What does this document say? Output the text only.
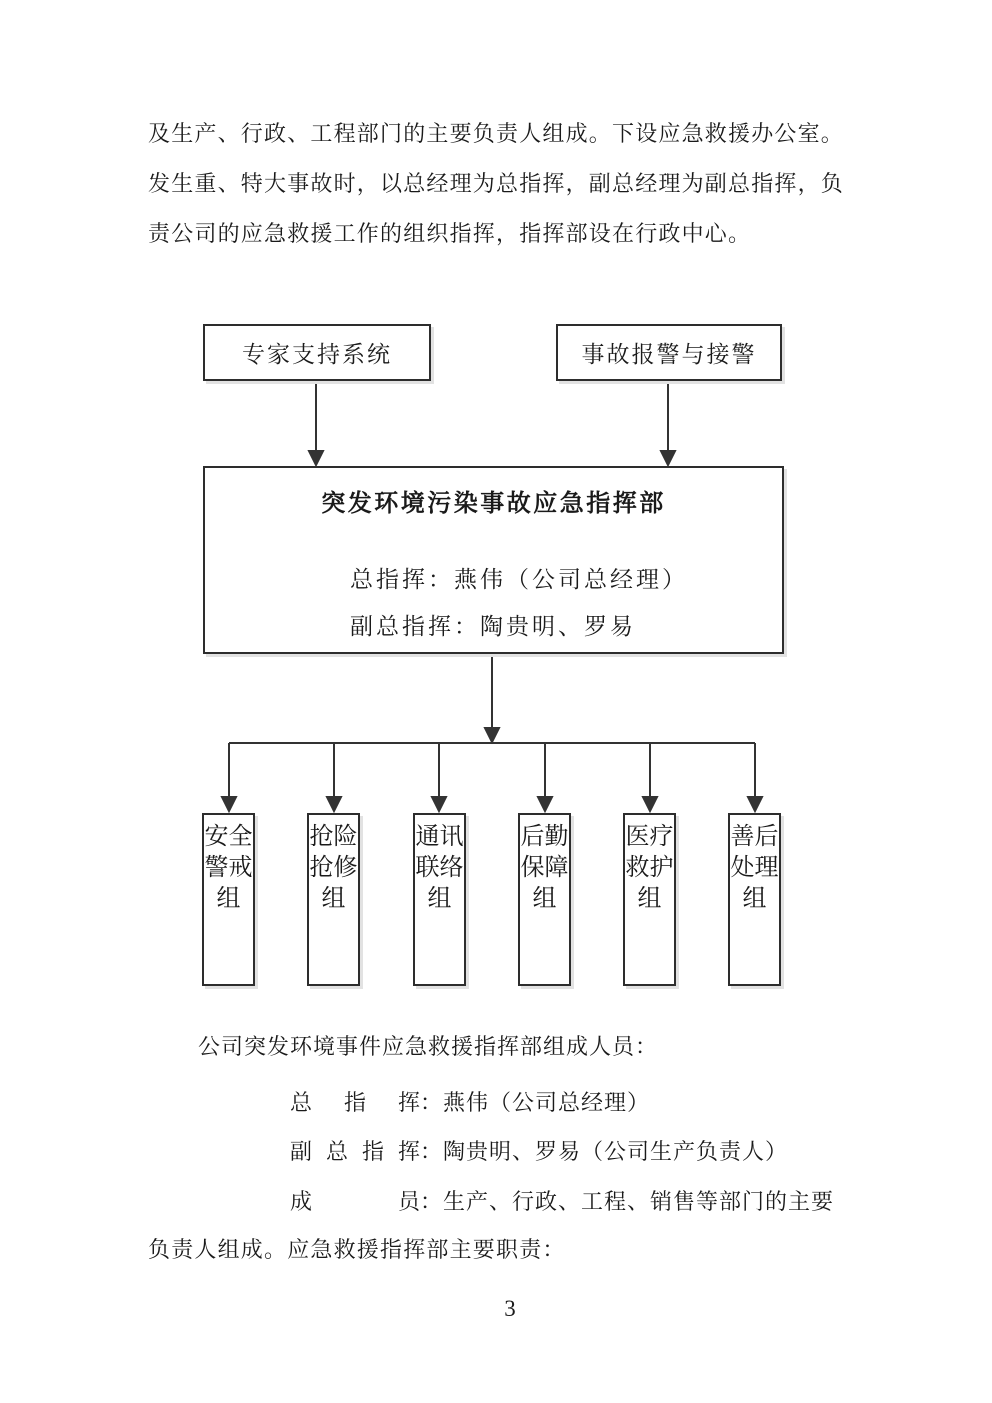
及生产、行政、工程部门的主要负责人组成。下设应急救援办公室。
发生重、特大事故时，以总经理为总指挥，副总经理为副总指挥，负
责公司的应急救援工作的组织指挥，指挥部设在行政中心。
专家支持系统	事故报警与接警
突发环境污染事故应急指挥部
总指挥：燕伟（公司总经理）
副总指挥：陶贵明、罗易
安全警戒组
抢险抢修组
通讯联络组
后勤保障组
医疗救护组
善后处理组
公司突发环境事件应急救援指挥部组成人员：
总指挥：燕伟（公司总经理）
副总指挥：陶贵明、罗易（公司生产负责人）
成员：生产、行政、工程、销售等部门的主要
负责人组成。应急救援指挥部主要职责：
3
